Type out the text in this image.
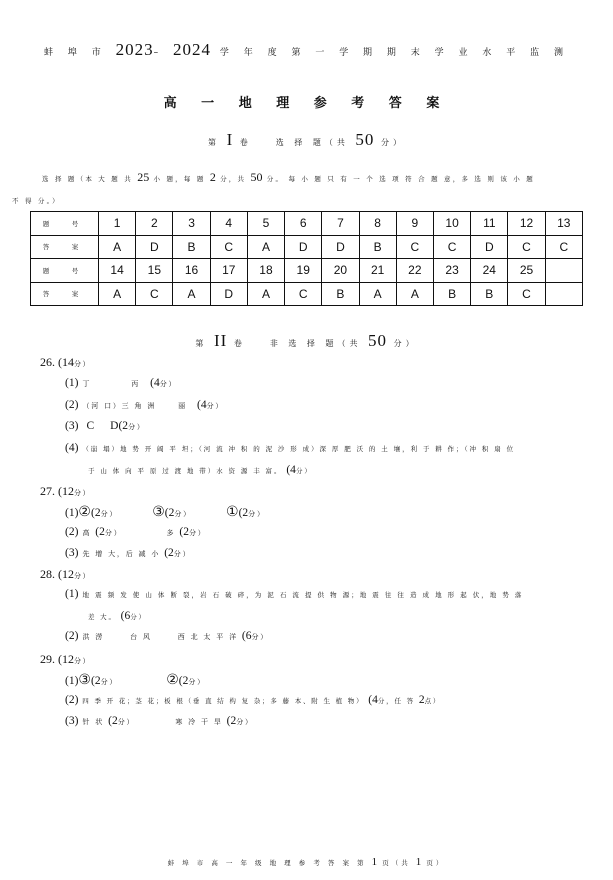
蚌 埠 市 2023– 2024 学 年 度 第 一 学 期 期 末 学 业 水 平 监 测
高 一 地 理 参 考 答 案
第 I 卷　　选 择 题（共 50 分）
选 择 题（本 大 题 共 25 小 题，每 题 2 分，共 50 分。 每 小 题 只 有 一 个 选 项 符 合 题 意，多 选 则 该 小 题
不 得 分。）
题　号	1	2	3	4	5	6	7	8	9	10	11	12	13
答　案	A	D	B	C	A	D	D	B	C	C	D	C	C
题　号	14	15	16	17	18	19	20	21	22	23	24	25	
答　案	A	C	A	D	A	C	B	A	A	B	B	C	
第 II 卷　　非 选 择 题（共 50 分）
26. (14分）
(1) 丁	丙 (4分）
(2) （河 口）三 角 洲	丽 (4分）
(3) C D(2分）
(4) （崩 塌）地 势 开 阔 平 坦；（河 流 冲 积 的 泥 沙 形 成）深 厚 肥 沃 的 土 壤，利 于 耕 作；（冲 积 扇 位
于 山 体 向 平 原 过 渡 地 带）水 资 源 丰 富。 (4分）
27. (12分）
(1)②(2分） ③(2分） ①(2分）
(2) 高 (2分）	多 (2分）
(3) 先 增 大，后 减 小 (2分）
28. (12分）
(1) 地 震 频 发 使 山 体 断 裂，岩 石 破 碎，为 泥 石 流 提 供 物 源；地 震 往 往 造 成 地 形 起 伏，地 势 落
差 大。 (6分）
(2) 洪 涝	台 风	西 北 太 平 洋 (6分）
29. (12分）
(1)③(2分）	②(2分）
(2) 四 季 开 花；茎 花；板 根（垂 直 结 构 复 杂；多 藤 本、附 生 植 物） (4分，任 答 2点）
(3) 针 状 (2分）	寒 冷 干 旱 (2分）
蚌 埠 市 高 一 年 级 地 理 参 考 答 案 第 1 页（共 1 页）
